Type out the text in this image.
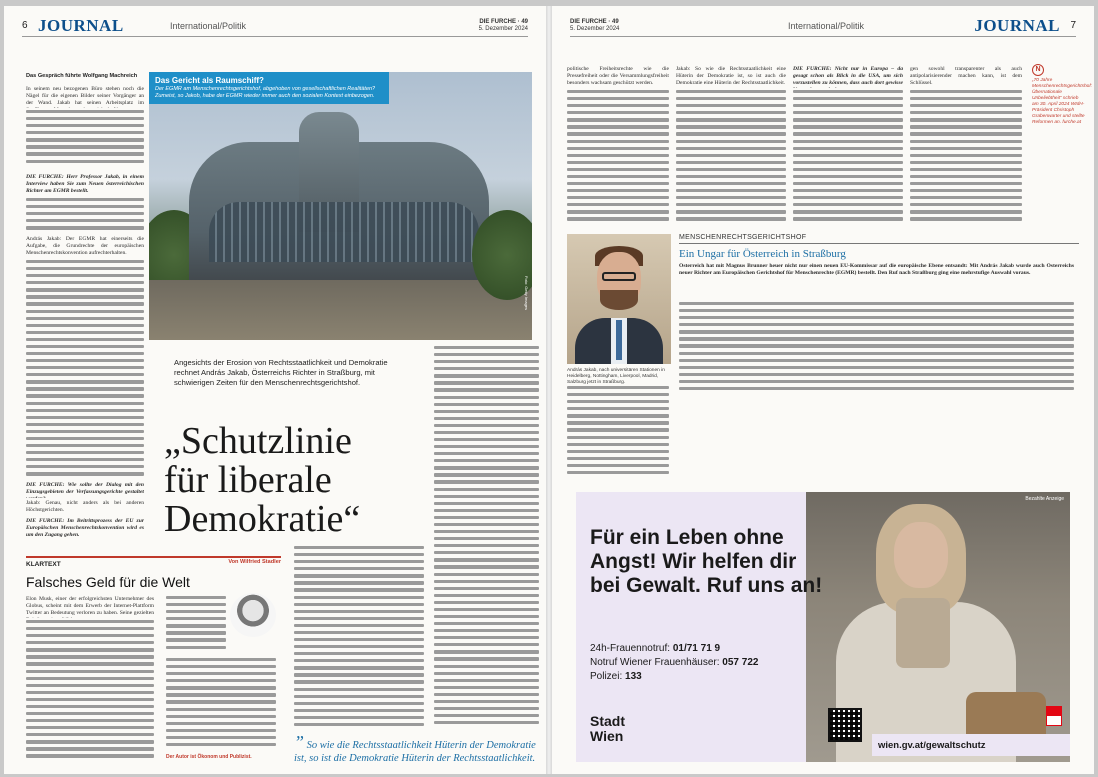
6 JOURNAL	International/Politik	DIE FURCHE · 49
5. Dezember 2024
Das Gespräch führte Wolfgang Machreich
In seinem neu bezogenen Büro stehen noch die Nägel für die eigenen Bilder seiner Vorgänger an der Wand. Jakab hat seinen Arbeitsplatz im
DIE FURCHE: Herr Professor Jakab, in einem Interview haben Sie zum Neuen österreichischen Richter am EGMR bestellt.
András Jakab: Der EGMR hat einerseits die Aufgabe, die Grundrechte der europäischen Menschenrechtskonvention aufrechterhalten.
DIE FURCHE: Wie sollte der Dialog mit den Einzugsgebieten der Verfassungsgerichte gestaltet
Jakab: Genau, nicht anders als bei anderen Höchstgerichten.
DIE FURCHE: Im Beitrittsprozess der EU zur Europäischen Menschenrechtskonvention wird es um den Zugang gehen.
Das Gericht als Raumschiff?
Der EGMR am Menschenrechtsgerichtshof, abgehoben von gesellschaftlichen Realitäten? Zumeist, so Jakob, habe der EGMR wieder immer auch den sozialen Kontext einbezogen.
Foto: Getty Images
Angesichts der Erosion von Rechtsstaatlichkeit und Demokratie rechnet András Jakab, Österreichs Richter in Straßburg, mit schwierigen Zeiten für den Menschenrechtsgerichtshof.
„Schutzlinie
für liberale
Demokratie“
KLARTEXT	Von Wilfried Stadler
Falsches Geld für die Welt
Elon Musk, einer der erfolgreichsten Unternehmer des Globus, scheint mit dem Erwerb der Internet-Plattform Twitter an Bedeutung verloren zu haben. Seine gezielten
Der Autor ist Ökonom und Publizist.
” So wie die Rechtsstaatlichkeit Hüterin der Demokratie ist, so ist die Demokratie Hüterin der Rechtsstaatlichkeit.
DIE FURCHE · 49
5. Dezember 2024	International/Politik	JOURNAL 7
politische Freiheitsrechte wie die Pressefreiheit oder die Versammlungsfreiheit besonders wachsam geschützt werden.
Jakab: So wie die Rechtsstaatlichkeit eine Hüterin der Demokratie ist, so ist auch die Demokratie eine Hüterin der Rechtsstaatlichkeit.
DIE FURCHE: Nicht nur in Europa – da gesagt schon als Blick in die USA, um sich vorzustellen zu können, dass auch dort gewisse
gen sowohl transparenter als auch antipolarisierender machen kann, ist dem Schlüssel.
N
„70 Jahre Menschenrechtsgerichtshof: Übernationale Unbeliebtheit“ schrieb am 30. April 2024 WIdH-Präsident Christoph Grabenwarter und stellte Reformen an. furche.at
András Jakab, nach universitären Stationen in Heidelberg, Nottingham, Liverpool, Madrid, Salzburg jetzt in Straßburg.
MENSCHENRECHTSGERICHTSHOF
Ein Ungar für Österreich in Straßburg
Österreich hat mit Magnus Brunner heuer nicht nur einen neuen EU-Kommissar auf die europäische Ebene entsandt: Mit András Jakab wurde auch Österreichs neuer Richter am Europäischen Gerichtshof für Menschenrechte (EGMR) bestellt. Den Ruf nach Straßburg ging eine mehrstufige Auswahl voraus.
Bezahlte Anzeige
Für ein Leben ohne Angst! Wir helfen dir bei Gewalt. Ruf uns an!
24h-Frauennotruf: 01/71 71 9
Notruf Wiener Frauenhäuser: 057 722
Polizei: 133
Stadt
Wien
wien.gv.at/gewaltschutz
